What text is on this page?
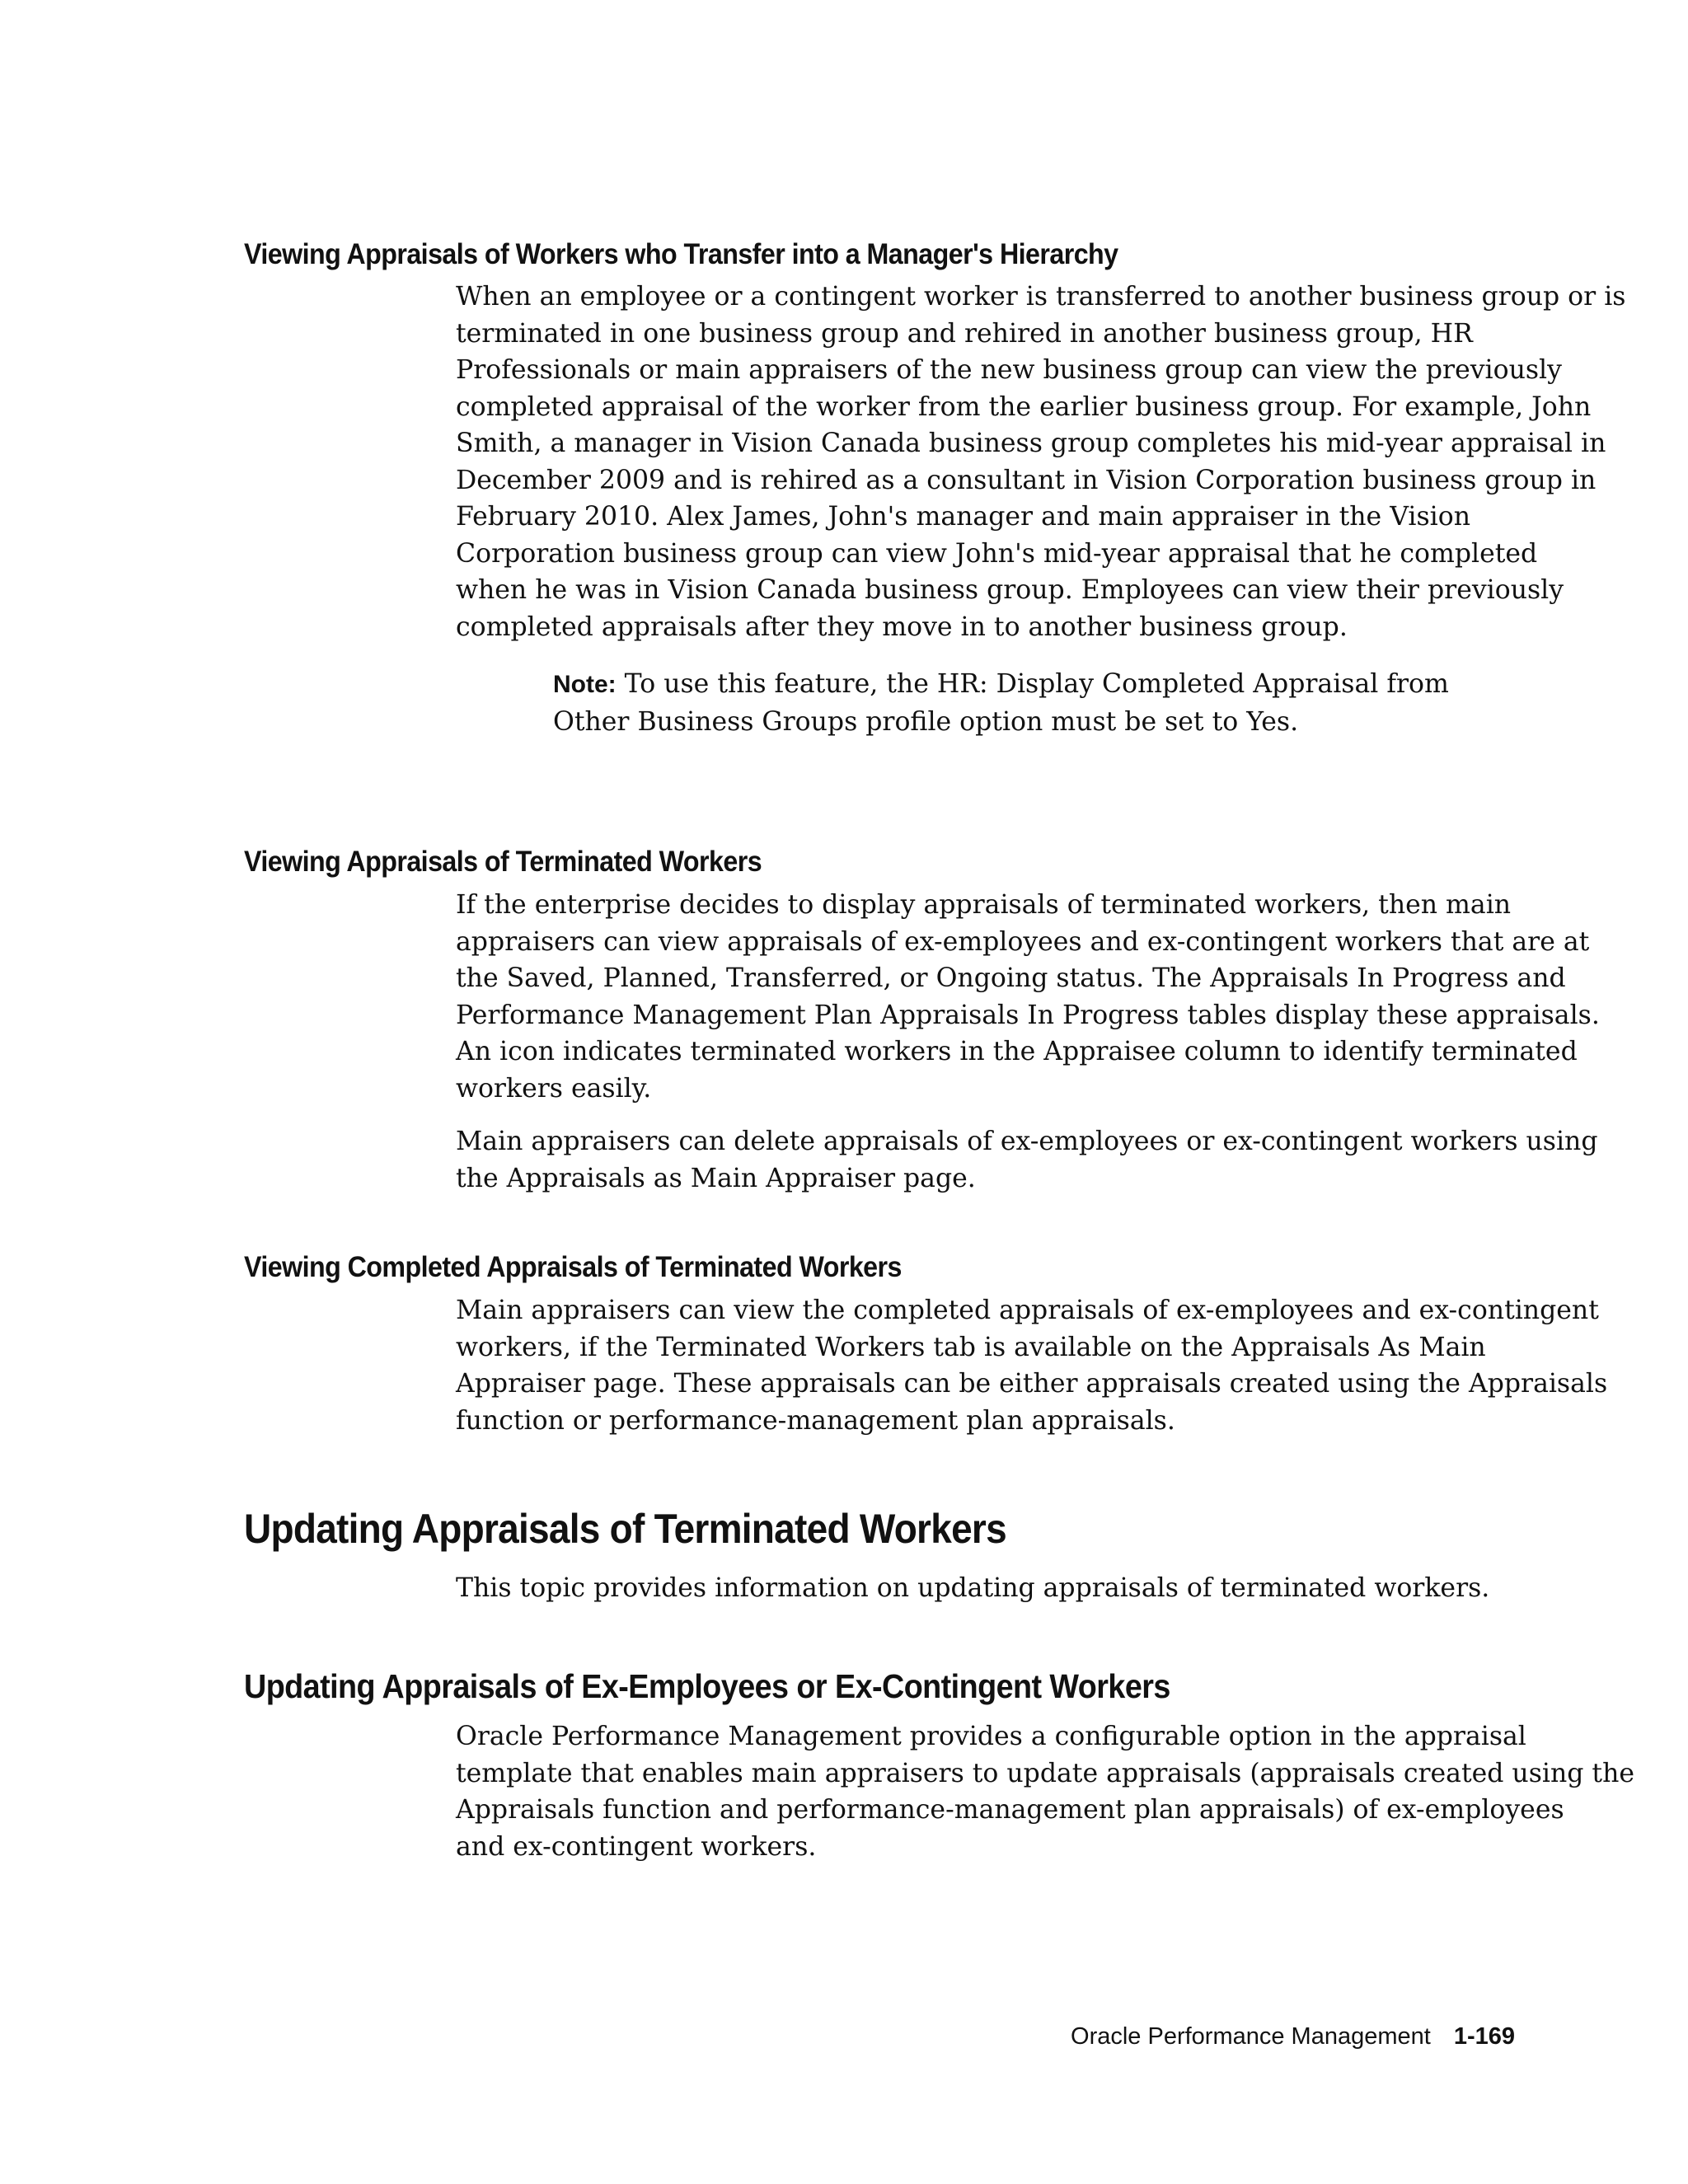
Viewing Appraisals of Workers who Transfer into a Manager's Hierarchy
When an employee or a contingent worker is transferred to another business group or is
terminated in one business group and rehired in another business group, HR
Professionals or main appraisers of the new business group can view the previously
completed appraisal of the worker from the earlier business group. For example, John
Smith, a manager in Vision Canada business group completes his mid-year appraisal in
December 2009 and is rehired as a consultant in Vision Corporation business group in
February 2010. Alex James, John's manager and main appraiser in the Vision
Corporation business group can view John's mid-year appraisal that he completed
when he was in Vision Canada business group. Employees can view their previously
completed appraisals after they move in to another business group.
Note: To use this feature, the HR: Display Completed Appraisal from
Other Business Groups profile option must be set to Yes.
Viewing Appraisals of Terminated Workers
If the enterprise decides to display appraisals of terminated workers, then main
appraisers can view appraisals of ex-employees and ex-contingent workers that are at
the Saved, Planned, Transferred, or Ongoing status. The Appraisals In Progress and
Performance Management Plan Appraisals In Progress tables display these appraisals.
An icon indicates terminated workers in the Appraisee column to identify terminated
workers easily.
Main appraisers can delete appraisals of ex-employees or ex-contingent workers using
the Appraisals as Main Appraiser page.
Viewing Completed Appraisals of Terminated Workers
Main appraisers can view the completed appraisals of ex-employees and ex-contingent
workers, if the Terminated Workers tab is available on the Appraisals As Main
Appraiser page. These appraisals can be either appraisals created using the Appraisals
function or performance-management plan appraisals.
Updating Appraisals of Terminated Workers
This topic provides information on updating appraisals of terminated workers.
Updating Appraisals of Ex-Employees or Ex-Contingent Workers
Oracle Performance Management provides a configurable option in the appraisal
template that enables main appraisers to update appraisals (appraisals created using the
Appraisals function and performance-management plan appraisals) of ex-employees
and ex-contingent workers.
Oracle Performance Management 1-169
